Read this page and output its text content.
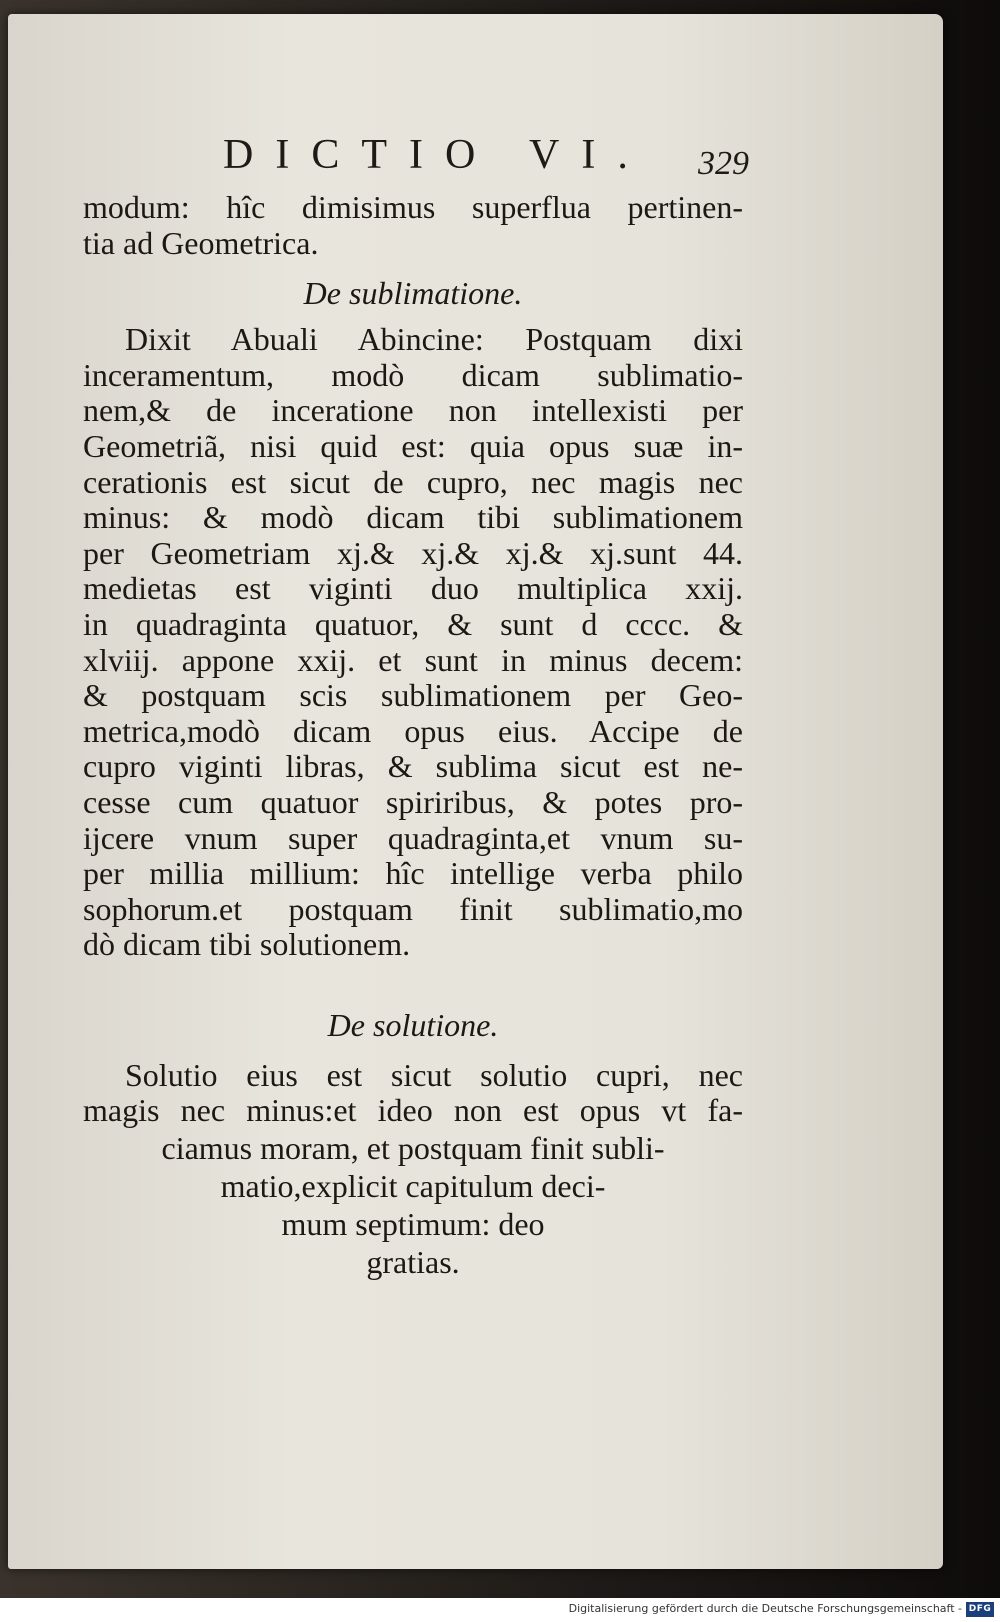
DICTIO VI. 329
modum: hîc dimisimus superflua pertinen-
tia ad Geometrica.
De sublimatione.
Dixit Abuali Abincine: Postquam dixi
inceramentum, modò dicam sublimatio-
nem,& de inceratione non intellexisti per
Geometriã, nisi quid est: quia opus suæ in-
cerationis est sicut de cupro, nec magis nec
minus: & modò dicam tibi sublimationem
per Geometriam xj.& xj.& xj.& xj.sunt 44.
medietas est viginti duo multiplica xxij.
in quadraginta quatuor, & sunt d cccc. &
xlviij. appone xxij. et sunt in minus decem:
& postquam scis sublimationem per Geo-
metrica,modò dicam opus eius. Accipe de
cupro viginti libras, & sublima sicut est ne-
cesse cum quatuor spiriribus, & potes pro-
ijcere vnum super quadraginta,et vnum su-
per millia millium: hîc intellige verba philo
sophorum.et postquam finit sublimatio,mo
dò dicam tibi solutionem.
De solutione.
Solutio eius est sicut solutio cupri, nec
magis nec minus:et ideo non est opus vt fa-
ciamus moram, et postquam finit subli-
matio,explicit capitulum deci-
mum septimum: deo
gratias.
Digitalisierung gefördert durch die Deutsche Forschungsgemeinschaft - DFG
